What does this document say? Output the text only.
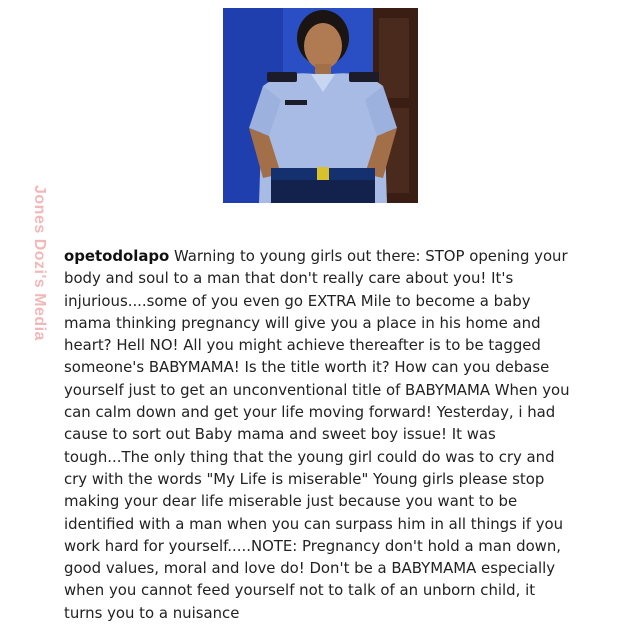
Jones Dozi's Media opetodolapo Warning to young girls out there: STOP opening your body and soul to a man that don't really care about you! It's injurious....some of you even go EXTRA Mile to become a baby mama thinking pregnancy will give you a place in his home and heart? Hell NO! All you might achieve thereafter is to be tagged someone's BABYMAMA! Is the title worth it? How can you debase yourself just to get an unconventional title of BABYMAMA When you can calm down and get your life moving forward! Yesterday, i had cause to sort out Baby mama and sweet boy issue! It was tough...The only thing that the young girl could do was to cry and cry with the words "My Life is miserable" Young girls please stop making your dear life miserable just because you want to be identified with a man when you can surpass him in all things if you work hard for yourself.....NOTE: Pregnancy don't hold a man down, good values, moral and love do! Don't be a BABYMAMA especially when you cannot feed yourself not to talk of an unborn child, it turns you to a nuisance
